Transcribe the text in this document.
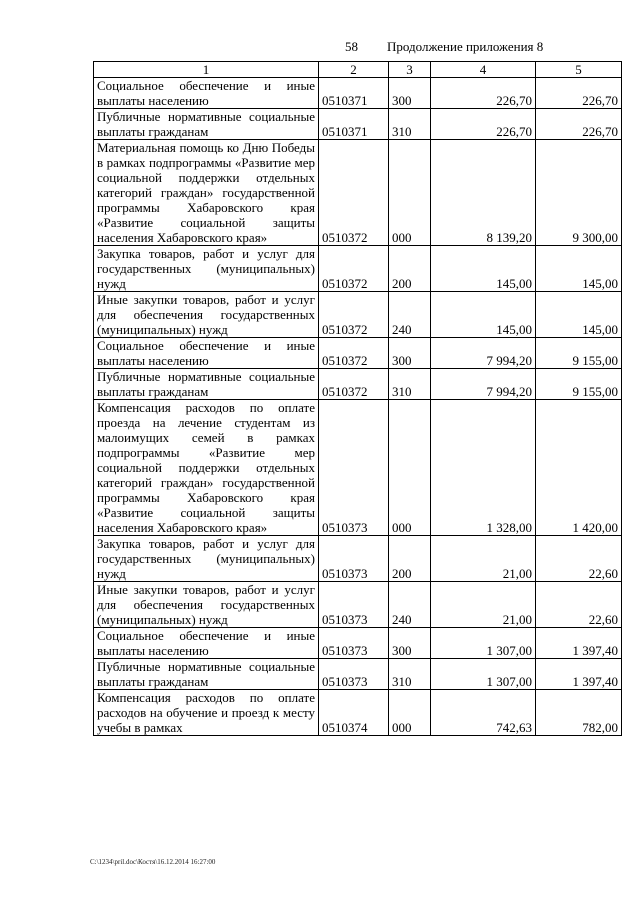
58 Продолжение приложения 8
1	2	3	4	5
Социальное обеспечение и иные выплаты населению	0510371	300	226,70	226,70
Публичные нормативные социальные выплаты гражданам	0510371	310	226,70	226,70
Материальная помощь ко Дню Победы в рамках подпрограммы «Развитие мер социальной поддержки отдельных категорий граждан» государственной программы Хабаровского края «Развитие социальной защиты населения Хабаровского края»	0510372	000	8 139,20	9 300,00
Закупка товаров, работ и услуг для государственных (муниципальных) нужд	0510372	200	145,00	145,00
Иные закупки товаров, работ и услуг для обеспечения государственных (муниципальных) нужд	0510372	240	145,00	145,00
Социальное обеспечение и иные выплаты населению	0510372	300	7 994,20	9 155,00
Публичные нормативные социальные выплаты гражданам	0510372	310	7 994,20	9 155,00
Компенсация расходов по оплате проезда на лечение студентам из малоимущих семей в рамках подпрограммы «Развитие мер социальной поддержки отдельных категорий граждан» государственной программы Хабаровского края «Развитие социальной защиты населения Хабаровского края»	0510373	000	1 328,00	1 420,00
Закупка товаров, работ и услуг для государственных (муниципальных) нужд	0510373	200	21,00	22,60
Иные закупки товаров, работ и услуг для обеспечения государственных (муниципальных) нужд	0510373	240	21,00	22,60
Социальное обеспечение и иные выплаты населению	0510373	300	1 307,00	1 397,40
Публичные нормативные социальные выплаты гражданам	0510373	310	1 307,00	1 397,40
Компенсация расходов по оплате расходов на обучение и проезд к месту учебы в рамках	0510374	000	742,63	782,00
C:\1234\pril.doc\Костя\16.12.2014 16:27:00
